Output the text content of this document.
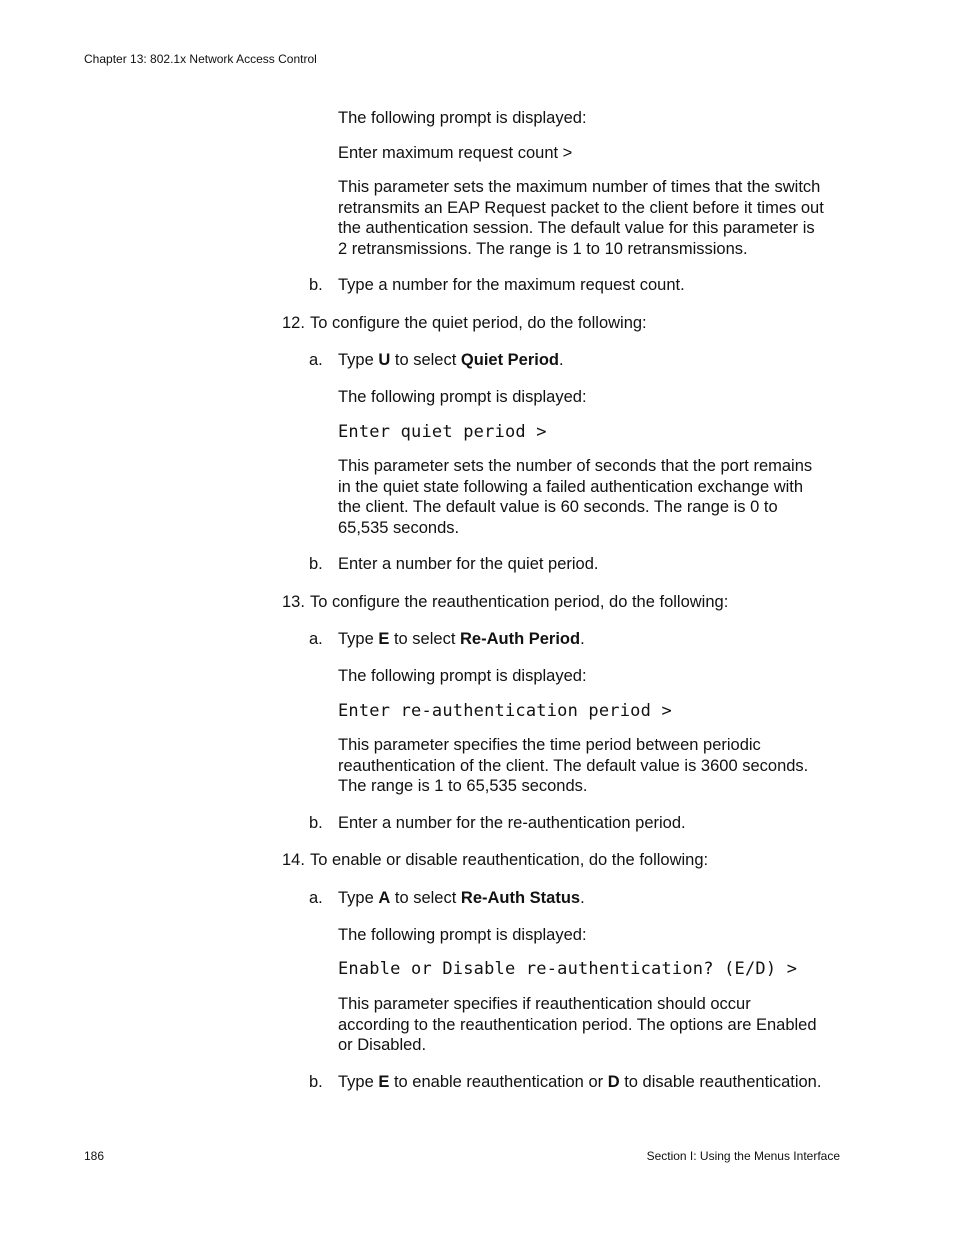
Chapter 13: 802.1x Network Access Control
The following prompt is displayed:
Enter maximum request count >
This parameter sets the maximum number of times that the switch
retransmits an EAP Request packet to the client before it times out
the authentication session. The default value for this parameter is
2 retransmissions. The range is 1 to 10 retransmissions.
b. Type a number for the maximum request count.
12. To configure the quiet period, do the following:
a. Type U to select Quiet Period.
The following prompt is displayed:
Enter quiet period >
This parameter sets the number of seconds that the port remains
in the quiet state following a failed authentication exchange with
the client. The default value is 60 seconds. The range is 0 to
65,535 seconds.
b. Enter a number for the quiet period.
13. To configure the reauthentication period, do the following:
a. Type E to select Re-Auth Period.
The following prompt is displayed:
Enter re-authentication period >
This parameter specifies the time period between periodic
reauthentication of the client. The default value is 3600 seconds.
The range is 1 to 65,535 seconds.
b. Enter a number for the re-authentication period.
14. To enable or disable reauthentication, do the following:
a. Type A to select Re-Auth Status.
The following prompt is displayed:
Enable or Disable re-authentication? (E/D) >
This parameter specifies if reauthentication should occur
according to the reauthentication period. The options are Enabled
or Disabled.
b. Type E to enable reauthentication or D to disable reauthentication.
186	Section I: Using the Menus Interface
